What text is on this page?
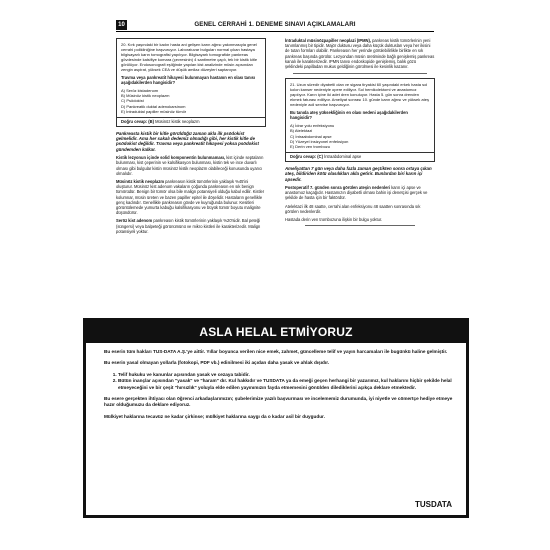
10	GENEL CERRAHİ 1. DENEME SINAVI AÇIKLAMALARI
20. Kırk yaşındaki bir kadın hasta ani gelişen karın ağrısı yakınmasıyla genel cerrahi polikliniğine başvuruyor. Laboratuvar bulguları normal çıkan hastaya bilgisayarlı karın tomografisi yapılıyor. Bilgisayarlı tomografide pankreas gövdesinde kalsifiye komara (çevresinin) 4 santimetre çaplı, tek bir kistik kitle görülüyor. Endosonografi eşliğinde yapılan kist analizinde müsin açısından zengin aspirat, yüksek CEA ve düşük amilaz düzeyleri saptanıyor.
Travma veya pankreatit hikayesi bulunmayan hastanın en olası tanısı aşağıdakilerden hangisidir?
A) Seröz kistadenom
B) Müsinöz kistik neoplazm
C) Psödokist
D) Pankreatik duktal adenokarsinom
E) İntraduktal papiller müsinöz tümör
Doğru cevap: (B) Müsinöz kistik neoplazm

Pankreasta kistik bir kitle görüldüğü zaman akla ilk psödokist gelmelidir. Ama her sakalı dedemiz olmadığı gibi, her kistik kitle de psödokist değildir. Travma veya pankreatit hikayesi yoksa psödokist gündemden kalkar.

Kistik lezyonun içinde solid komponentin bulunmaması, kist içinde septaların bulunması, kist çeperinin ve kalsifikasyon bulunması, kistin tek ve ince duvarlı olması gibi bulgular kistin müsinöz kistik neoplazm olabileceği konusunda uyarıcı olmalıdır.

Müsinöz kistik neoplazm pankreasın kistik tümörlerinin yaklaşık %45'ini oluşturur. Müsinöz kist adenom vakaların çoğunda pankreasın en sık benign tümörüdür. Benign bir tümör olsa bile malign potansiyeli olduğu kabul edilir. Kistler kolumnar, müsin üreten ve bazen papiller epitel ile döşelidir. Hastaların genellikle genç kadındır. Genellikle pankreasın gövde ve kuyruğunda bulunur. Kesitleri görüntülemede yumurta kabuğu kalsifikasyonu ve büyük tümör boyutu malignite düşündürür.

Seröz kist adenom pankreasın kistik tümörlerinin yaklaşık %20'sidir. Bal peteği (süngersi) veya balpeteği görünümünü ve mikro kistleri ile karakterizedir. Malign potansiyeli yoktur.

İntraduktal müsinözpapiller neoplazi (IPMN), pankreas kistik tümörlerinin yeni tanımlanmış bir tipidir. Majör duktusu veya daha küçük duktusları veya her ikisini de tutan formları olabilir. Pankreasın her yerinde görülebilirlikle birlikte en sık pankreas başında görülür. Lezyondan müsin üretiminde bağlı genişlemiş pankreas kanalı ile karakterizedir. IPMN tanısı endoskopide genişlemiş, balık gözü şeklindeki papilladan mukus geldiğinin görülmesi ile kesinlik kazanır.

21. Uzun süredir diyabetli olan ve sigara tiryakisi 60 yaşındaki erkek hasta sol kolon kanser nedeniyle opere ediliyor. Sol hemikolektomi ve anastomoz yapılıyor. Karın içine iki adet dren konuluyor. Hasta 5. gün sonra drenden ekmek faturası ediliyor. Ameliyat sonrası 10. günde karın ağrısı ve yüksek ateş nedeniyle acil servise başvuruyor.
Bu tanıda ateş yüksekliğinin en olası nedeni aşağıdakilerden hangisidir?
A) İdrar yolu enfeksiyonu
B) Atelektazi
C) İntraabdominal apse
D) Yüzeyel insizyonel enfeksiyon
E) Derin ven trombozu
Doğru cevap: (C) İntraabdominal apse

Ameliyattan 7 gün veya daha fazla zaman geçtikten sonra ortaya çıkan ateş, bildiriden kötü olasılıkları akla getirir. Bunlardan biri karın içi apsedir.

Postoperatif 7. günden sonra görülen ateşin nedenleri karın içi apse ve anastomoz kaçağıdır. Hastamızın diyabetli olması bahin işi denetçisi gerçek ve şekilde de hasta için bir faktördür.

Atelektazi ilk 48 saatte, cerrahi alan enfeksiyonu 48 saatten sonrasında sık görülen nedenlerdir.

Hastada derin ven trombozuna ilişkin bir bulgu yoktur.

ASLA HELAL ETMİYORUZ

Bu eserin tüm hakları TUS-DATA A.Ş.'ye aittir. Yıllar boyunca verilen nice emek, zahmet, güncelleme telif ve yayın harcamaları ile bugünkü haline gelmiştir.

Bu eserin yasal olmayan yollarla (fotokopi, PDF vb.) edinilmesi iki açıdan daha yasak ve ahlak dışıdır.

1. Telif hukuku ve kanunlar açısından yasak ve cezaya tabidir.
2. Bütün inançlar açısından "yasak" ve "haram" dır. Kul hakkıdır ve TUSDATA ya da emeği geçen herhangi bir yazarımız, kul haklarını hiçbir şekilde helal etmeyeceğini ve bir çeşit "hırsızlık" yoluyla elde edilen yayınımızın fayda etmemesini gönülden dilediklerini açıkça deklare etmektedir.

Bu esere gerçekten ihtiyacı olan öğrenci arkadaşlarımızın; şubelerimize yazılı başvurması ve incelememiz durumunda, iyi niyetle ve cömertçe hediye etmeye hazır olduğumuzu da deklare ediyoruz.

Mülkiyet haklarına tecavüz ne kadar çirkinse; mülkiyet haklarına saygı da o kadar asil bir duygudur.

TUSDATA
